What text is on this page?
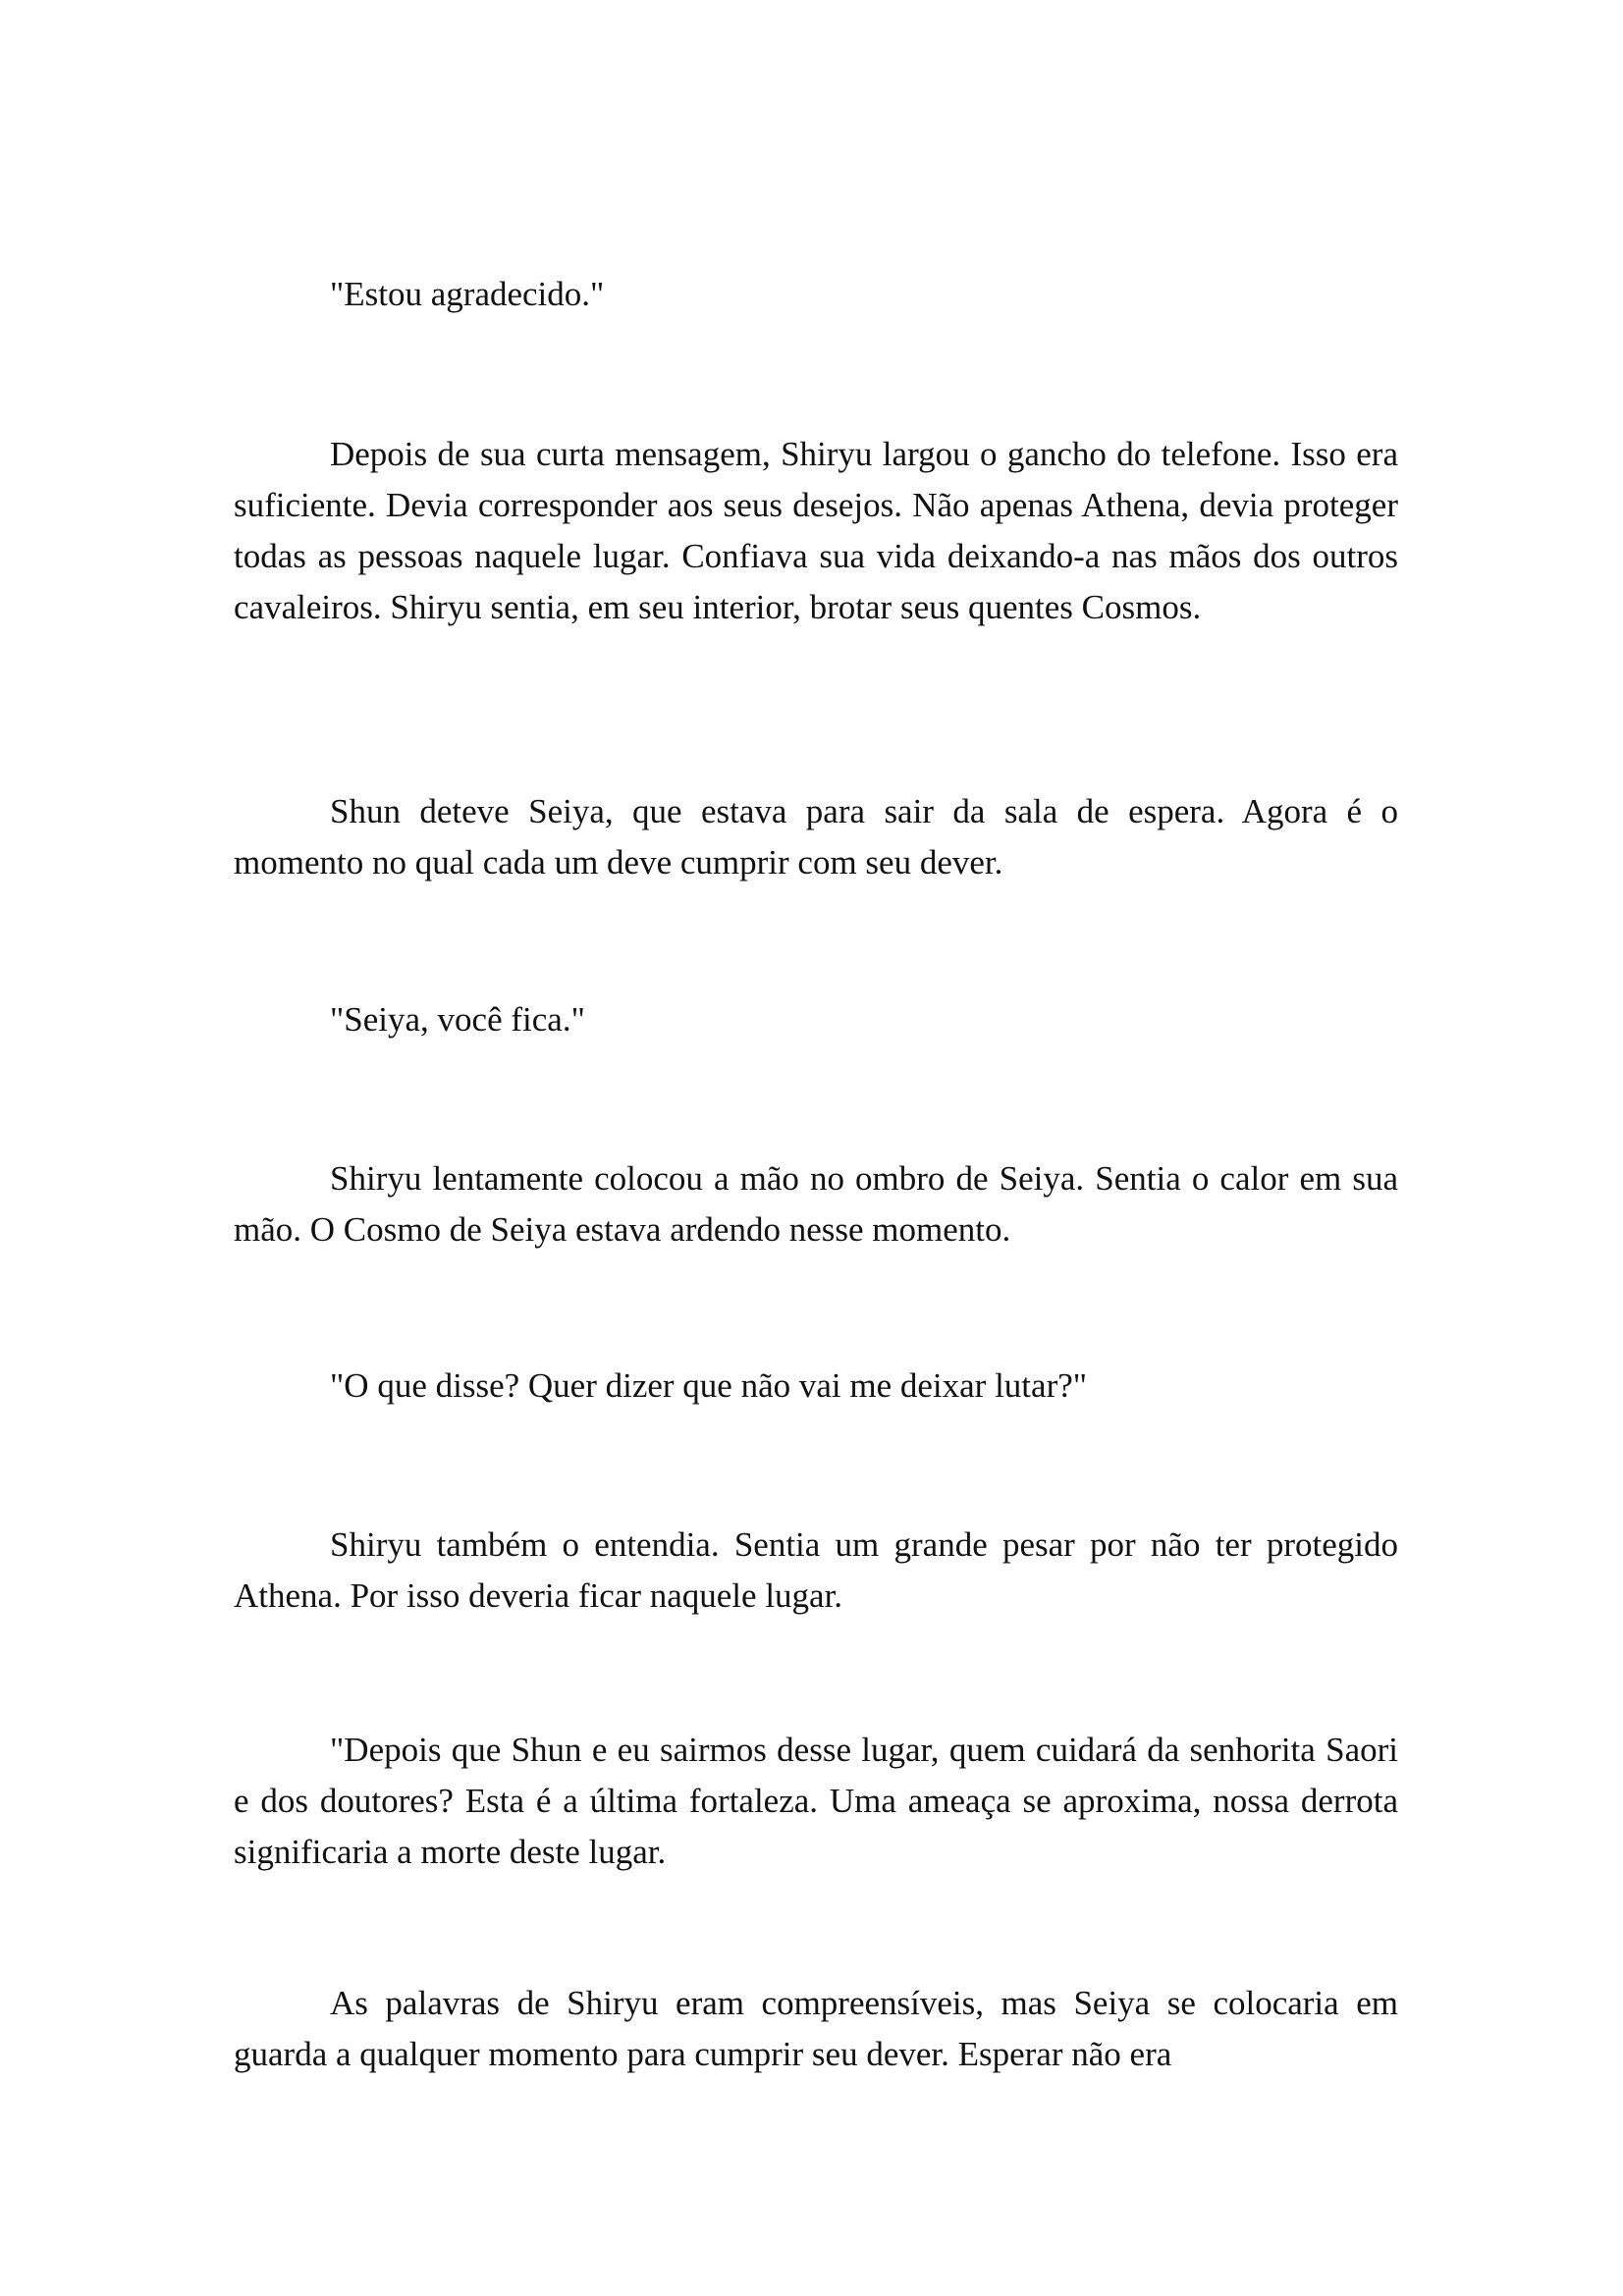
"Estou agradecido."

Depois de sua curta mensagem, Shiryu largou o gancho do telefone. Isso era suficiente. Devia corresponder aos seus desejos. Não apenas Athena, devia proteger todas as pessoas naquele lugar. Confiava sua vida deixando-a nas mãos dos outros cavaleiros. Shiryu sentia, em seu interior, brotar seus quentes Cosmos.

Shun deteve Seiya, que estava para sair da sala de espera. Agora é o momento no qual cada um deve cumprir com seu dever.

"Seiya, você fica."

Shiryu lentamente colocou a mão no ombro de Seiya. Sentia o calor em sua mão. O Cosmo de Seiya estava ardendo nesse momento.

"O que disse? Quer dizer que não vai me deixar lutar?"

Shiryu também o entendia. Sentia um grande pesar por não ter protegido Athena. Por isso deveria ficar naquele lugar.

"Depois que Shun e eu sairmos desse lugar, quem cuidará da senhorita Saori e dos doutores? Esta é a última fortaleza. Uma ameaça se aproxima, nossa derrota significaria a morte deste lugar.

As palavras de Shiryu eram compreensíveis, mas Seiya se colocaria em guarda a qualquer momento para cumprir seu dever. Esperar não era
